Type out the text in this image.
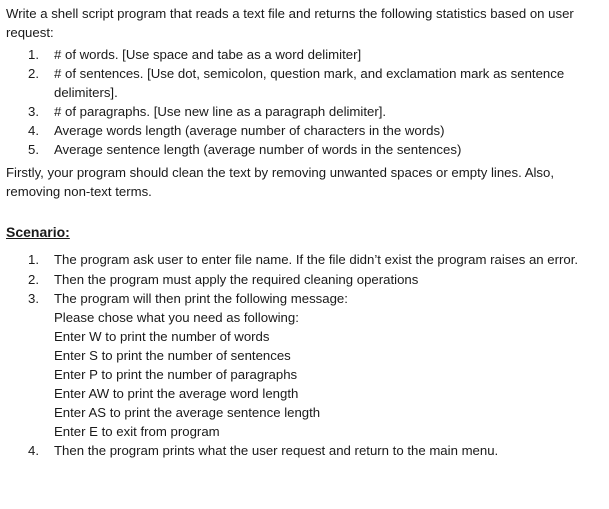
Write a shell script program that reads a text file and returns the following statistics based on user request:

1.	# of words. [Use space and tabe as a word delimiter]
2.	# of sentences. [Use dot, semicolon, question mark, and exclamation mark as sentence delimiters].
3.	# of paragraphs. [Use new line as a paragraph delimiter].
4.	Average words length (average number of characters in the words)
5.	Average sentence length (average number of words in the sentences)

Firstly, your program should clean the text by removing unwanted spaces or empty lines. Also, removing non-text terms.

Scenario:
1.	The program ask user to enter file name. If the file didn’t exist the program raises an error.
2.	Then the program must apply the required cleaning operations
3.	The program will then print the following message:
Please chose what you need as following:
Enter W to print the number of words
Enter S to print the number of sentences
Enter P to print the number of paragraphs
Enter AW to print the average word length
Enter AS to print the average sentence length
Enter E to exit from program
4.	Then the program prints what the user request and return to the main menu.
